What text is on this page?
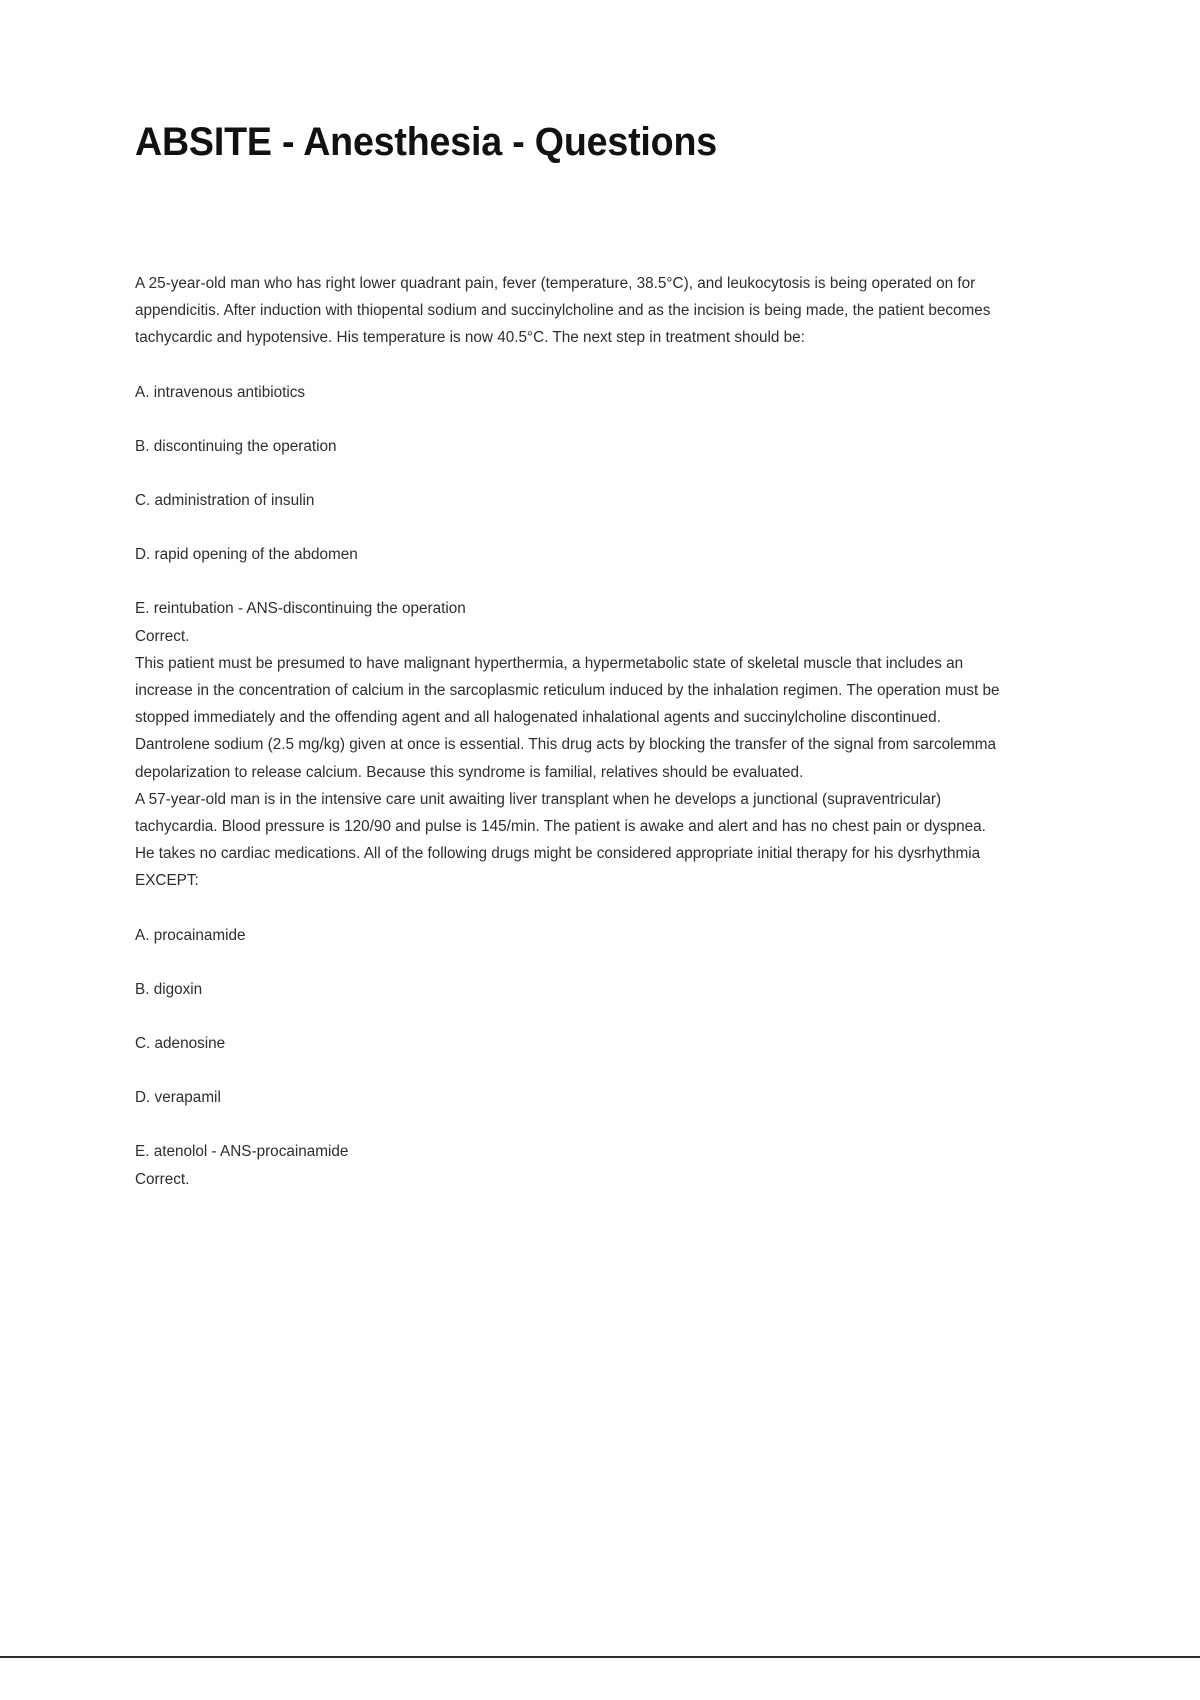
ABSITE - Anesthesia - Questions

A 25-year-old man who has right lower quadrant pain, fever (temperature, 38.5°C), and leukocytosis is being operated on for appendicitis. After induction with thiopental sodium and succinylcholine and as the incision is being made, the patient becomes tachycardic and hypotensive. His temperature is now 40.5°C. The next step in treatment should be:

A. intravenous antibiotics

B. discontinuing the operation

C. administration of insulin

D. rapid opening of the abdomen

E. reintubation - ANS-discontinuing the operation

Correct.

This patient must be presumed to have malignant hyperthermia, a hypermetabolic state of skeletal muscle that includes an increase in the concentration of calcium in the sarcoplasmic reticulum induced by the inhalation regimen. The operation must be stopped immediately and the offending agent and all halogenated inhalational agents and succinylcholine discontinued. Dantrolene sodium (2.5 mg/kg) given at once is essential. This drug acts by blocking the transfer of the signal from sarcolemma depolarization to release calcium. Because this syndrome is familial, relatives should be evaluated.

A 57-year-old man is in the intensive care unit awaiting liver transplant when he develops a junctional (supraventricular) tachycardia. Blood pressure is 120/90 and pulse is 145/min. The patient is awake and alert and has no chest pain or dyspnea. He takes no cardiac medications. All of the following drugs might be considered appropriate initial therapy for his dysrhythmia EXCEPT:

A. procainamide

B. digoxin

C. adenosine

D. verapamil

E. atenolol - ANS-procainamide

Correct.
